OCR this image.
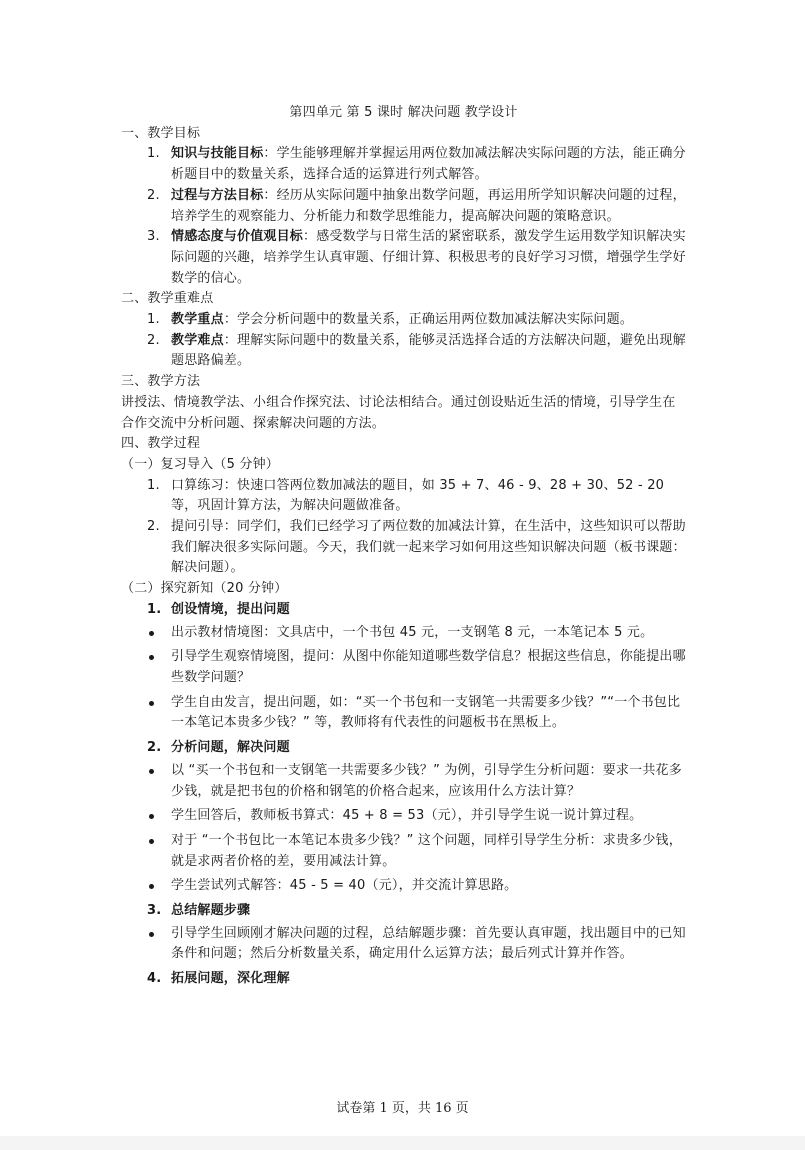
第四单元 第 5 课时 解决问题 教学设计
一、教学目标
1. 知识与技能目标：学生能够理解并掌握运用两位数加减法解决实际问题的方法，能正确分析题目中的数量关系，选择合适的运算进行列式解答。
2. 过程与方法目标：经历从实际问题中抽象出数学问题，再运用所学知识解决问题的过程，培养学生的观察能力、分析能力和数学思维能力，提高解决问题的策略意识。
3. 情感态度与价值观目标：感受数学与日常生活的紧密联系，激发学生运用数学知识解决实际问题的兴趣，培养学生认真审题、仔细计算、积极思考的良好学习习惯，增强学生学好数学的信心。
二、教学重难点
1. 教学重点：学会分析问题中的数量关系，正确运用两位数加减法解决实际问题。
2. 教学难点：理解实际问题中的数量关系，能够灵活选择合适的方法解决问题，避免出现解题思路偏差。
三、教学方法
讲授法、情境教学法、小组合作探究法、讨论法相结合。通过创设贴近生活的情境，引导学生在合作交流中分析问题、探索解决问题的方法。
四、教学过程
（一）复习导入（5 分钟）
1. 口算练习：快速口答两位数加减法的题目，如 35 + 7、46 - 9、28 + 30、52 - 20 等，巩固计算方法，为解决问题做准备。
2. 提问引导：同学们，我们已经学习了两位数的加减法计算，在生活中，这些知识可以帮助我们解决很多实际问题。今天，我们就一起来学习如何用这些知识解决问题（板书课题：解决问题）。
（二）探究新知（20 分钟）
1. 创设情境，提出问题
出示教材情境图：文具店中，一个书包 45 元，一支钢笔 8 元，一本笔记本 5 元。
引导学生观察情境图，提问：从图中你能知道哪些数学信息？根据这些信息，你能提出哪些数学问题？
学生自由发言，提出问题，如：“买一个书包和一支钢笔一共需要多少钱？”“一个书包比一本笔记本贵多少钱？” 等，教师将有代表性的问题板书在黑板上。
2. 分析问题，解决问题
以 “买一个书包和一支钢笔一共需要多少钱？” 为例，引导学生分析问题：要求一共花多少钱，就是把书包的价格和钢笔的价格合起来，应该用什么方法计算？
学生回答后，教师板书算式：45 + 8 = 53（元），并引导学生说一说计算过程。
对于 “一个书包比一本笔记本贵多少钱？” 这个问题，同样引导学生分析：求贵多少钱，就是求两者价格的差，要用减法计算。
学生尝试列式解答：45 - 5 = 40（元），并交流计算思路。
3. 总结解题步骤
引导学生回顾刚才解决问题的过程，总结解题步骤：首先要认真审题，找出题目中的已知条件和问题；然后分析数量关系，确定用什么运算方法；最后列式计算并作答。
4. 拓展问题，深化理解
试卷第 1 页，共 16 页
